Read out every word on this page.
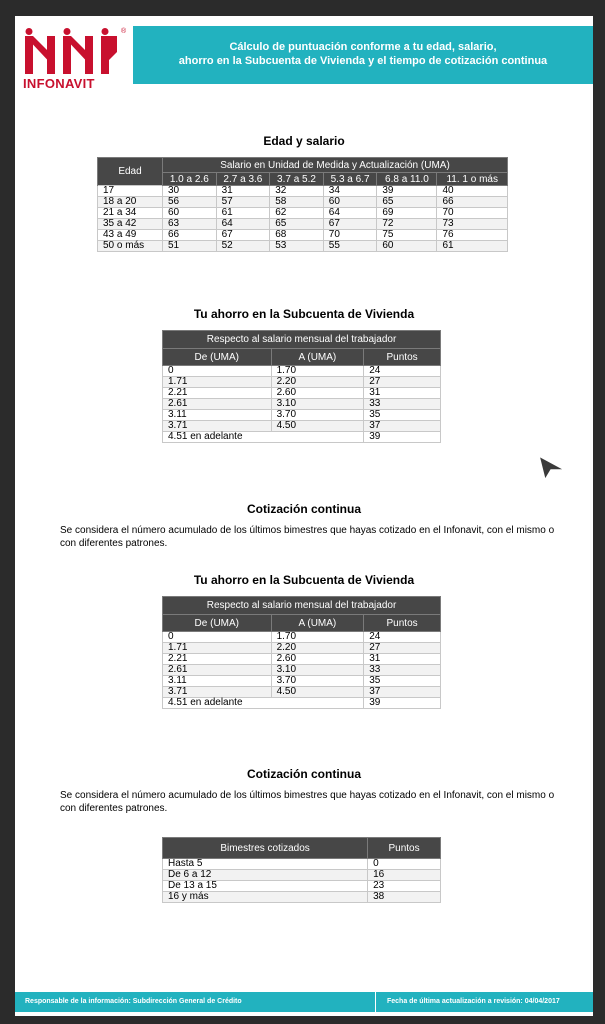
®
INFONAVIT
Cálculo de puntuación conforme a tu edad, salario,
ahorro en la Subcuenta de Vivienda y el tiempo de cotización continua
Edad y salario
Edad	Salario en Unidad de Medida y Actualización (UMA)					
	1.0 a 2.6	2.7 a 3.6	3.7 a 5.2	5.3 a 6.7	6.8 a 11.0	11. 1 o más
17	30	31	32	34	39	40
18 a 20	56	57	58	60	65	66
21 a 34	60	61	62	64	69	70
35 a 42	63	64	65	67	72	73
43 a 49	66	67	68	70	75	76
50 o más	51	52	53	55	60	61
Tu ahorro en la Subcuenta de Vivienda
Respecto al salario mensual del trabajador		
De (UMA)	A (UMA)	Puntos
0	1.70	24
1.71	2.20	27
2.21	2.60	31
2.61	3.10	33
3.11	3.70	35
3.71	4.50	37
4.51 en adelante		39
Cotización continua
Se considera el número acumulado de los últimos bimestres que hayas cotizado en el Infonavit, con el mismo o con diferentes patrones.
Tu ahorro en la Subcuenta de Vivienda
Respecto al salario mensual del trabajador		
De (UMA)	A (UMA)	Puntos
0	1.70	24
1.71	2.20	27
2.21	2.60	31
2.61	3.10	33
3.11	3.70	35
3.71	4.50	37
4.51 en adelante		39
Cotización continua
Se considera el número acumulado de los últimos bimestres que hayas cotizado en el Infonavit, con el mismo o con diferentes patrones.
Bimestres cotizados	Puntos
Hasta 5	0
De 6 a 12	16
De 13 a 15	23
16 y más	38
Responsable de la información: Subdirección General de Crédito	Fecha de última actualización a revisión: 04/04/2017
